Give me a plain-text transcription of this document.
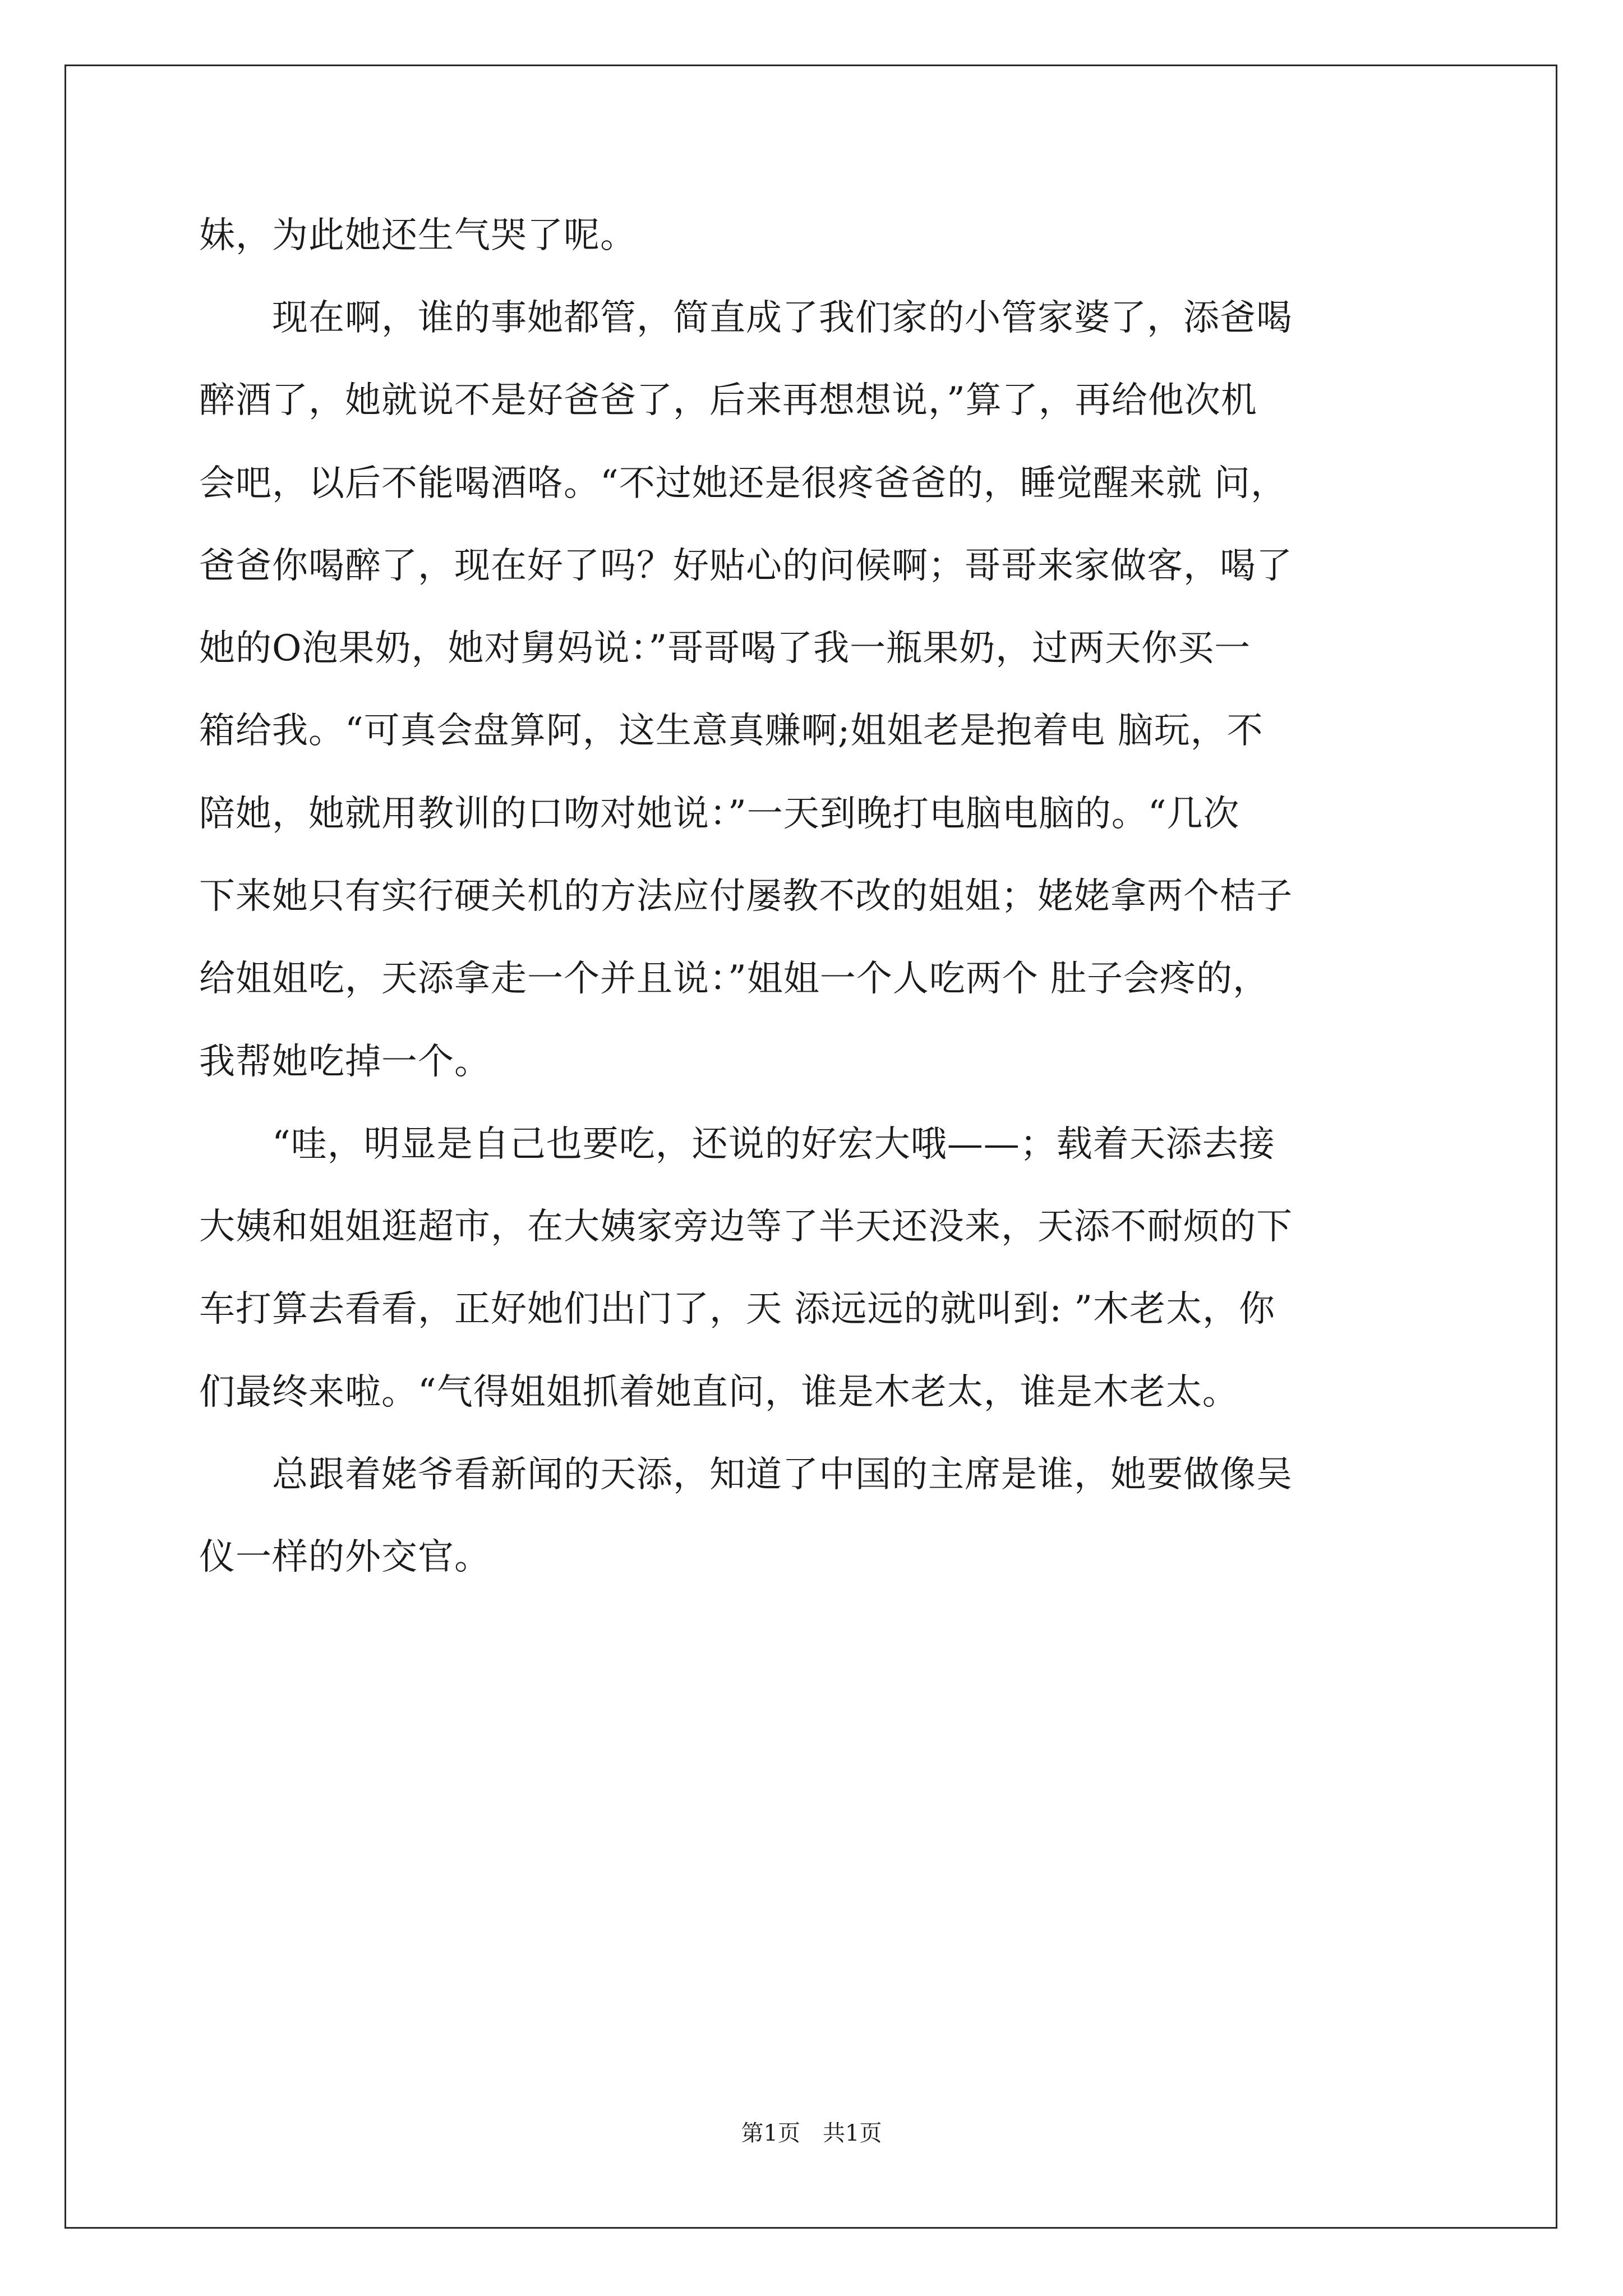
妹，为此她还生气哭了呢。
　　现在啊，谁的事她都管，简直成了我们家的小管家婆了，添爸喝
醉酒了，她就说不是好爸爸了，后来再想想说，”算了，再给他次机
会吧，以后不能喝酒咯。“不过她还是很疼爸爸的，睡觉醒来就 问，
爸爸你喝醉了，现在好了吗？好贴心的问候啊；哥哥来家做客，喝了
她的O泡果奶，她对舅妈说：”哥哥喝了我一瓶果奶，过两天你买一
箱给我。“可真会盘算阿，这生意真赚啊;姐姐老是抱着电 脑玩，不
陪她，她就用教训的口吻对她说：”一天到晚打电脑电脑的。“几次
下来她只有实行硬关机的方法应付屡教不改的姐姐；姥姥拿两个桔子
给姐姐吃，天添拿走一个并且说：”姐姐一个人吃两个 肚子会疼的，
我帮她吃掉一个。
　　“哇，明显是自己也要吃，还说的好宏大哦——；载着天添去接
大姨和姐姐逛超市，在大姨家旁边等了半天还没来，天添不耐烦的下
车打算去看看，正好她们出门了，天 添远远的就叫到: ”木老太，你
们最终来啦。“气得姐姐抓着她直问，谁是木老太，谁是木老太。
　　总跟着姥爷看新闻的天添，知道了中国的主席是谁，她要做像吴
仪一样的外交官。
第1页　共1页
